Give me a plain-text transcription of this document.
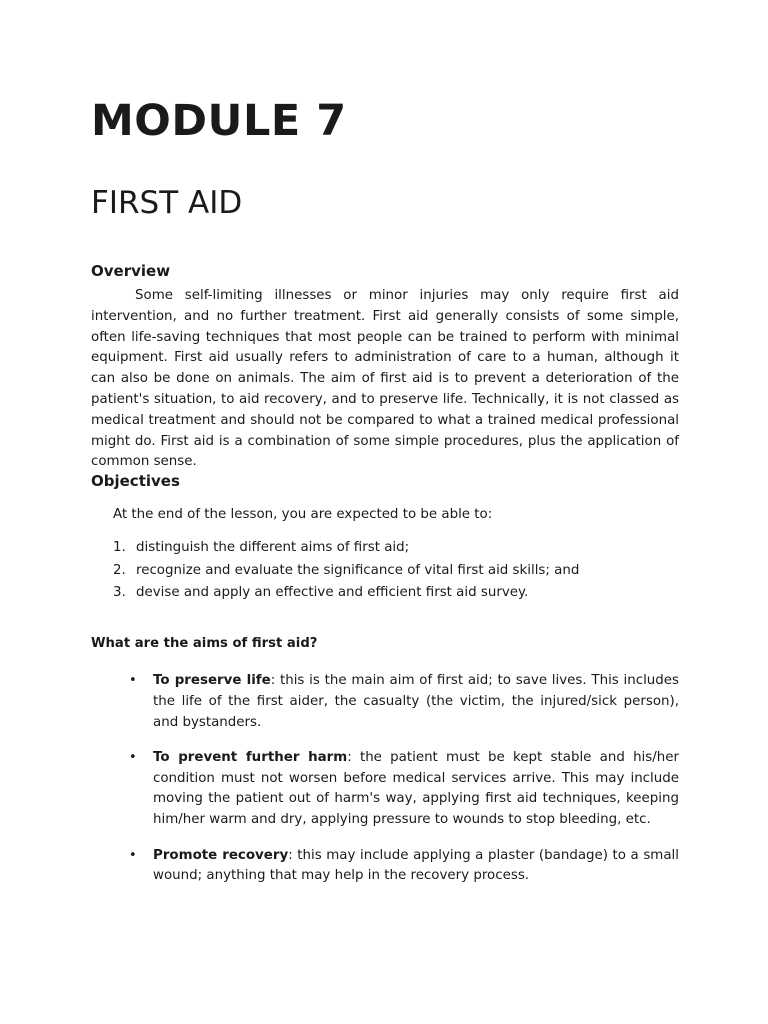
MODULE 7
FIRST AID
Overview

Some self-limiting illnesses or minor injuries may only require first aid intervention, and no further treatment. First aid generally consists of some simple, often life-saving techniques that most people can be trained to perform with minimal equipment. First aid usually refers to administration of care to a human, although it can also be done on animals. The aim of first aid is to prevent a deterioration of the patient's situation, to aid recovery, and to preserve life. Technically, it is not classed as medical treatment and should not be compared to what a trained medical professional might do. First aid is a combination of some simple procedures, plus the application of common sense.

Objectives

At the end of the lesson, you are expected to be able to:

1. distinguish the different aims of first aid;
2. recognize and evaluate the significance of vital first aid skills; and
3. devise and apply an effective and efficient first aid survey.
What are the aims of first aid?
• To preserve life: this is the main aim of first aid; to save lives. This includes the life of the first aider, the casualty (the victim, the injured/sick person), and bystanders.
• To prevent further harm: the patient must be kept stable and his/her condition must not worsen before medical services arrive. This may include moving the patient out of harm's way, applying first aid techniques, keeping him/her warm and dry, applying pressure to wounds to stop bleeding, etc.
• Promote recovery: this may include applying a plaster (bandage) to a small wound; anything that may help in the recovery process.
